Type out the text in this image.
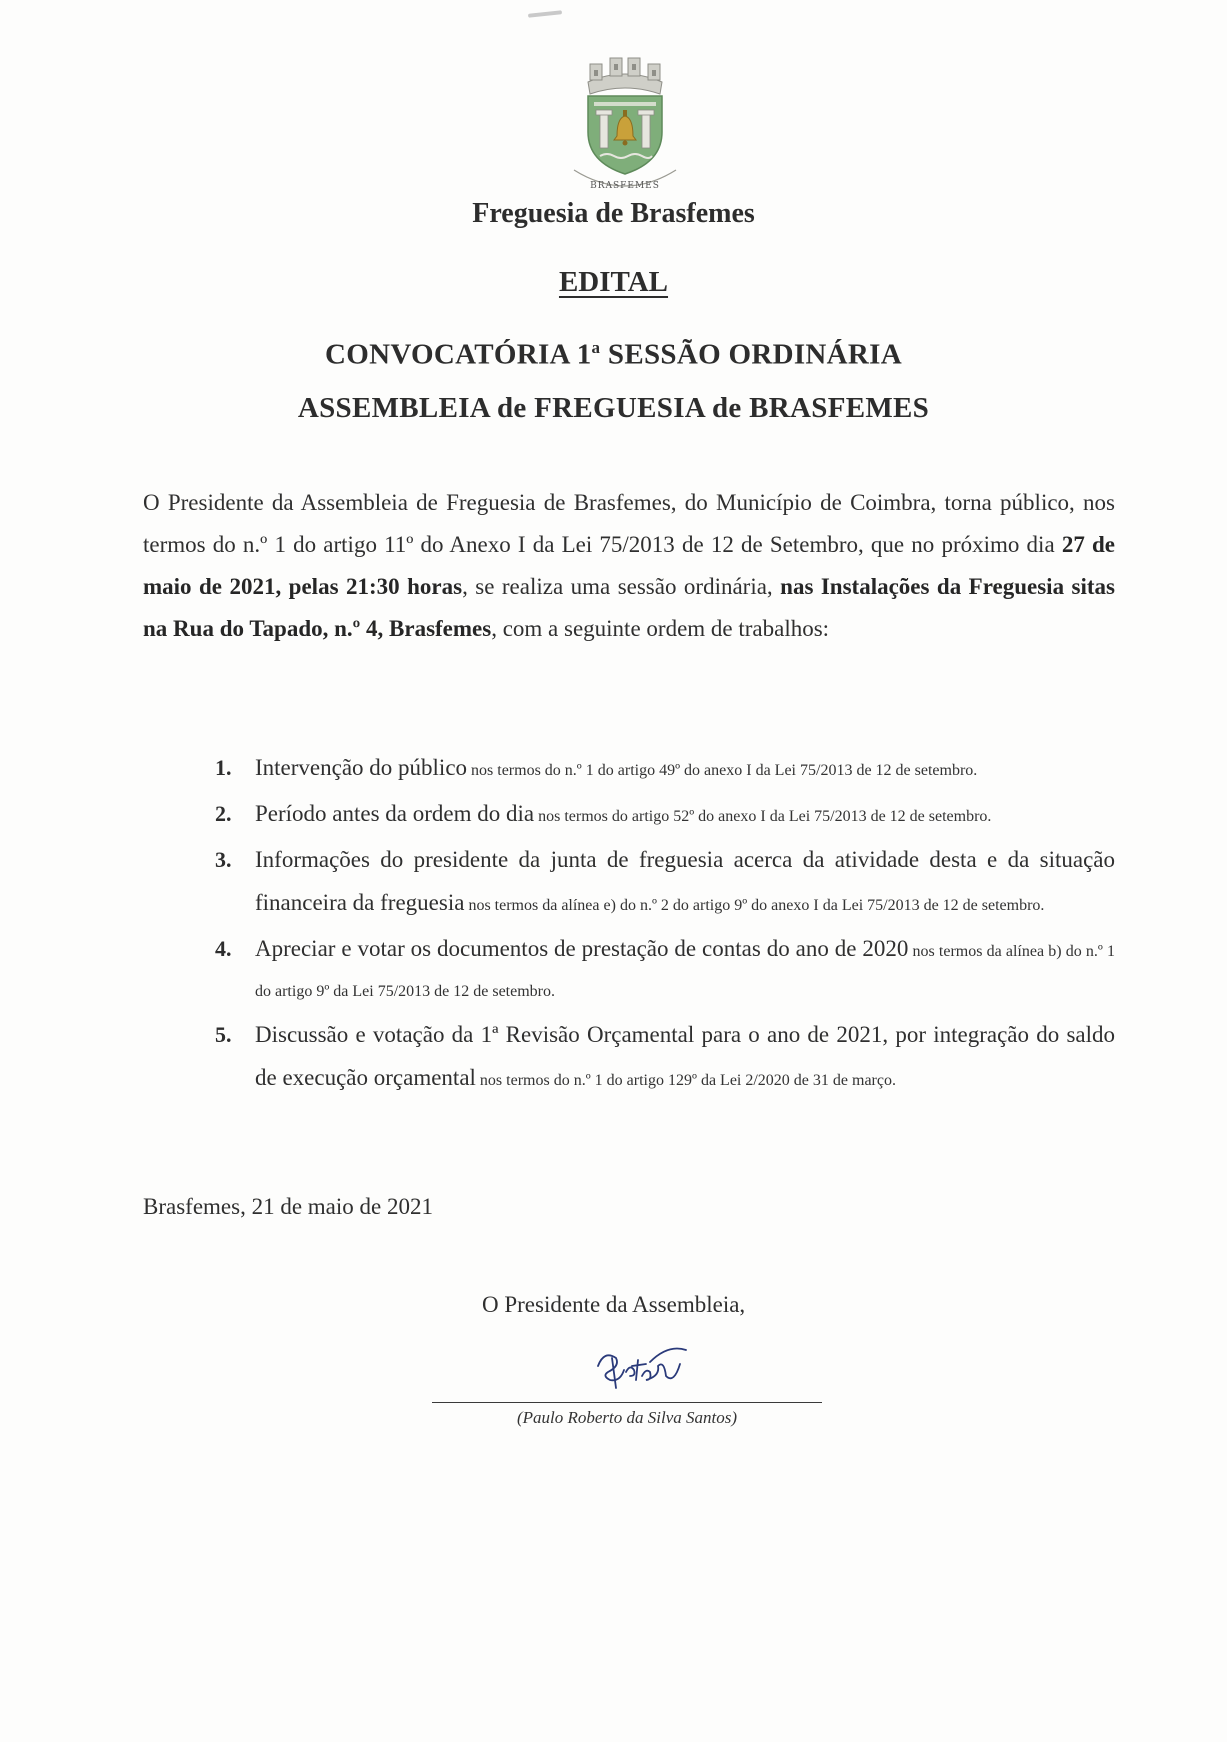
BRASFEMES
Freguesia de Brasfemes
EDITAL
CONVOCATÓRIA 1$^a$ SESSÃO ORDINÁRIA
ASSEMBLEIA de FREGUESIA de BRASFEMES
O Presidente da Assembleia de Freguesia de Brasfemes, do Município de Coimbra, torna público, nos termos do n.º 1 do artigo 11º do Anexo I da Lei 75/2013 de 12 de Setembro, que no próximo dia 27 de maio de 2021, pelas 21:30 horas, se realiza uma sessão ordinária, nas Instalações da Freguesia sitas na Rua do Tapado, n.º 4, Brasfemes, com a seguinte ordem de trabalhos:
1. Intervenção do público nos termos do n.º 1 do artigo 49º do anexo I da Lei 75/2013 de 12 de setembro.
2. Período antes da ordem do dia nos termos do artigo 52º do anexo I da Lei 75/2013 de 12 de setembro.
3. Informações do presidente da junta de freguesia acerca da atividade desta e da situação financeira da freguesia nos termos da alínea e) do n.º 2 do artigo 9º do anexo I da Lei 75/2013 de 12 de setembro.
4. Apreciar e votar os documentos de prestação de contas do ano de 2020 nos termos da alínea b) do n.º 1 do artigo 9º da Lei 75/2013 de 12 de setembro.
5. Discussão e votação da 1ª Revisão Orçamental para o ano de 2021, por integração do saldo de execução orçamental nos termos do n.º 1 do artigo 129º da Lei 2/2020 de 31 de março.
Brasfemes, 21 de maio de 2021
O Presidente da Assembleia,
(Paulo Roberto da Silva Santos)
